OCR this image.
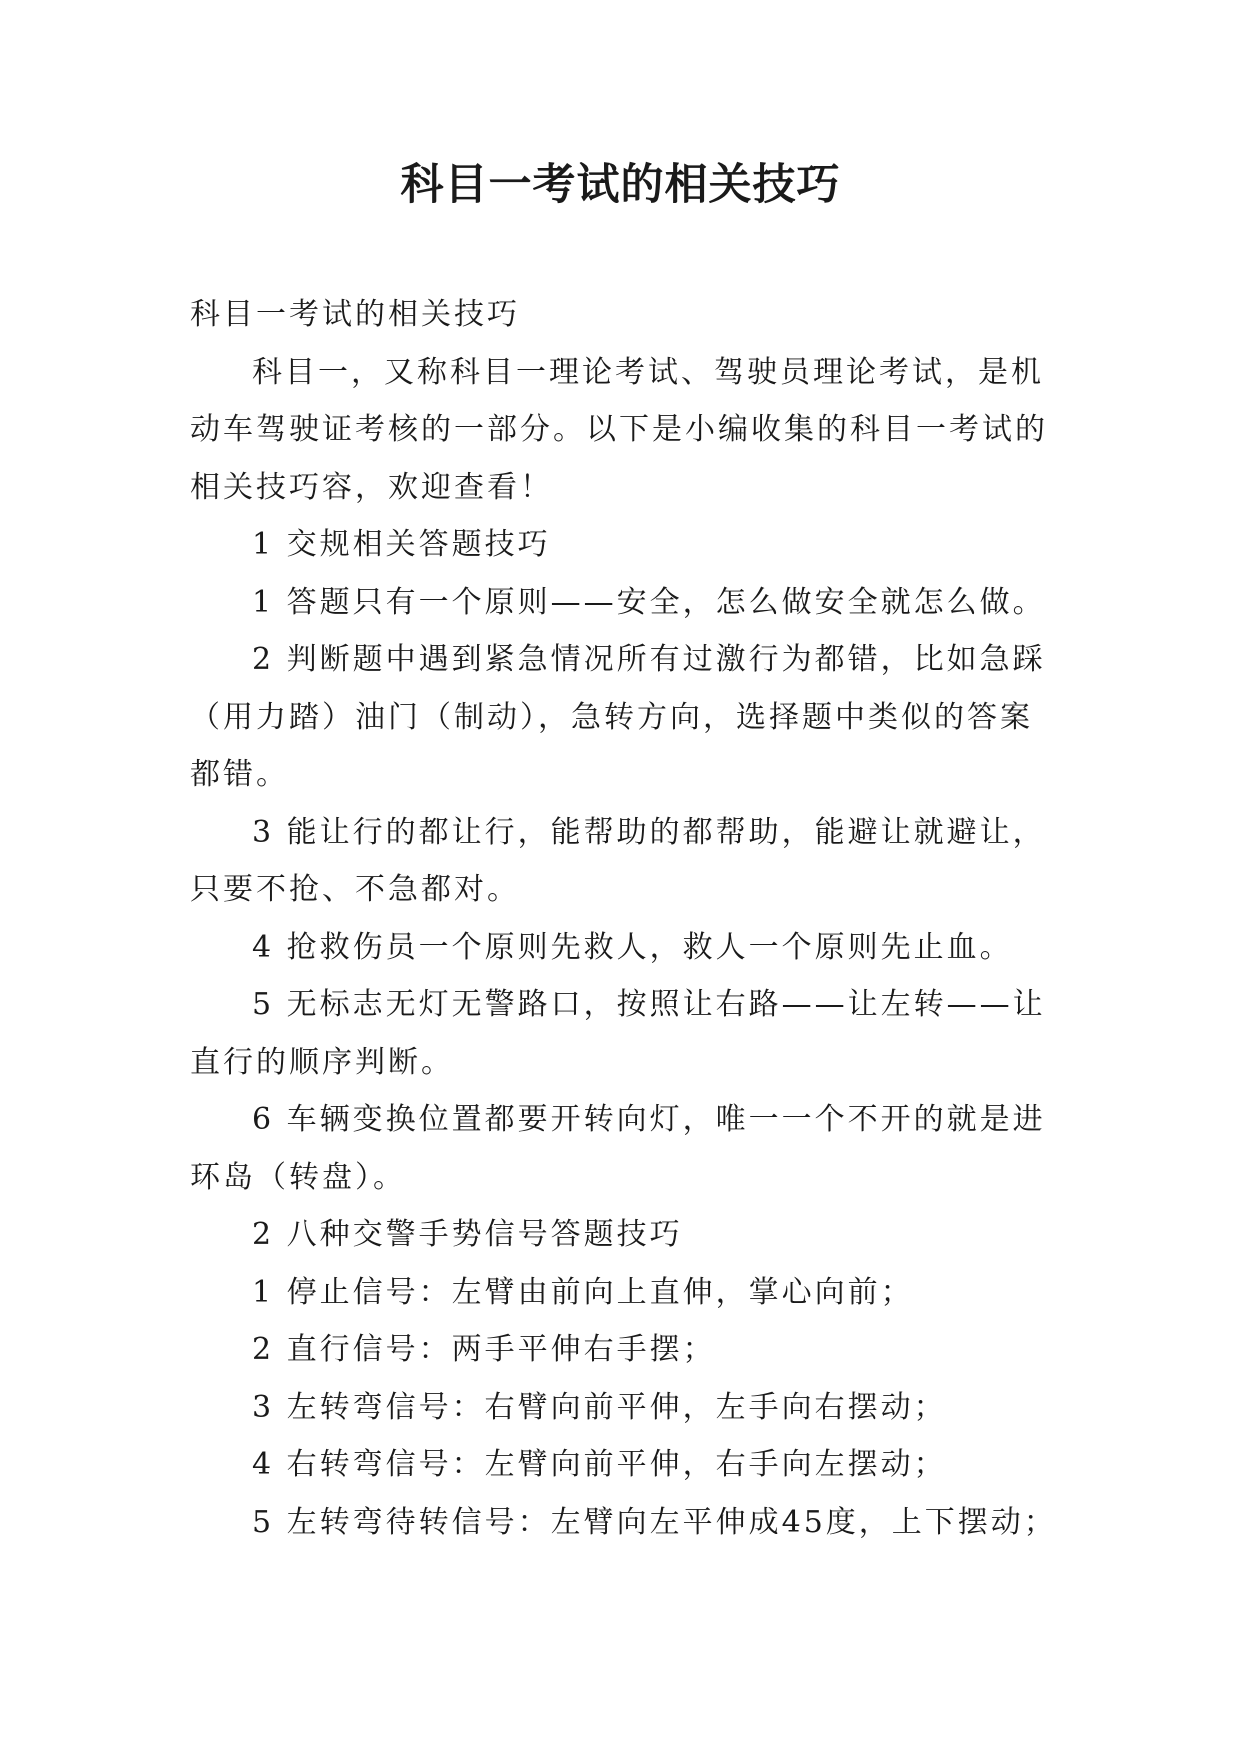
科目一考试的相关技巧

科目一考试的相关技巧

科目一，又称科目一理论考试、驾驶员理论考试，是机动车驾驶证考核的一部分。以下是小编收集的科目一考试的相关技巧容，欢迎查看！

1 交规相关答题技巧

1 答题只有一个原则——安全，怎么做安全就怎么做。

2 判断题中遇到紧急情况所有过激行为都错，比如急踩（用力踏）油门（制动），急转方向，选择题中类似的答案都错。

3 能让行的都让行，能帮助的都帮助，能避让就避让，只要不抢、不急都对。

4 抢救伤员一个原则先救人，救人一个原则先止血。

5 无标志无灯无警路口，按照让右路——让左转——让直行的顺序判断。

6 车辆变换位置都要开转向灯，唯一一个不开的就是进环岛（转盘）。

2 八种交警手势信号答题技巧

1 停止信号：左臂由前向上直伸，掌心向前；

2 直行信号：两手平伸右手摆；

3 左转弯信号：右臂向前平伸，左手向右摆动；

4 右转弯信号：左臂向前平伸，右手向左摆动；

5 左转弯待转信号：左臂向左平伸成45度，上下摆动；
